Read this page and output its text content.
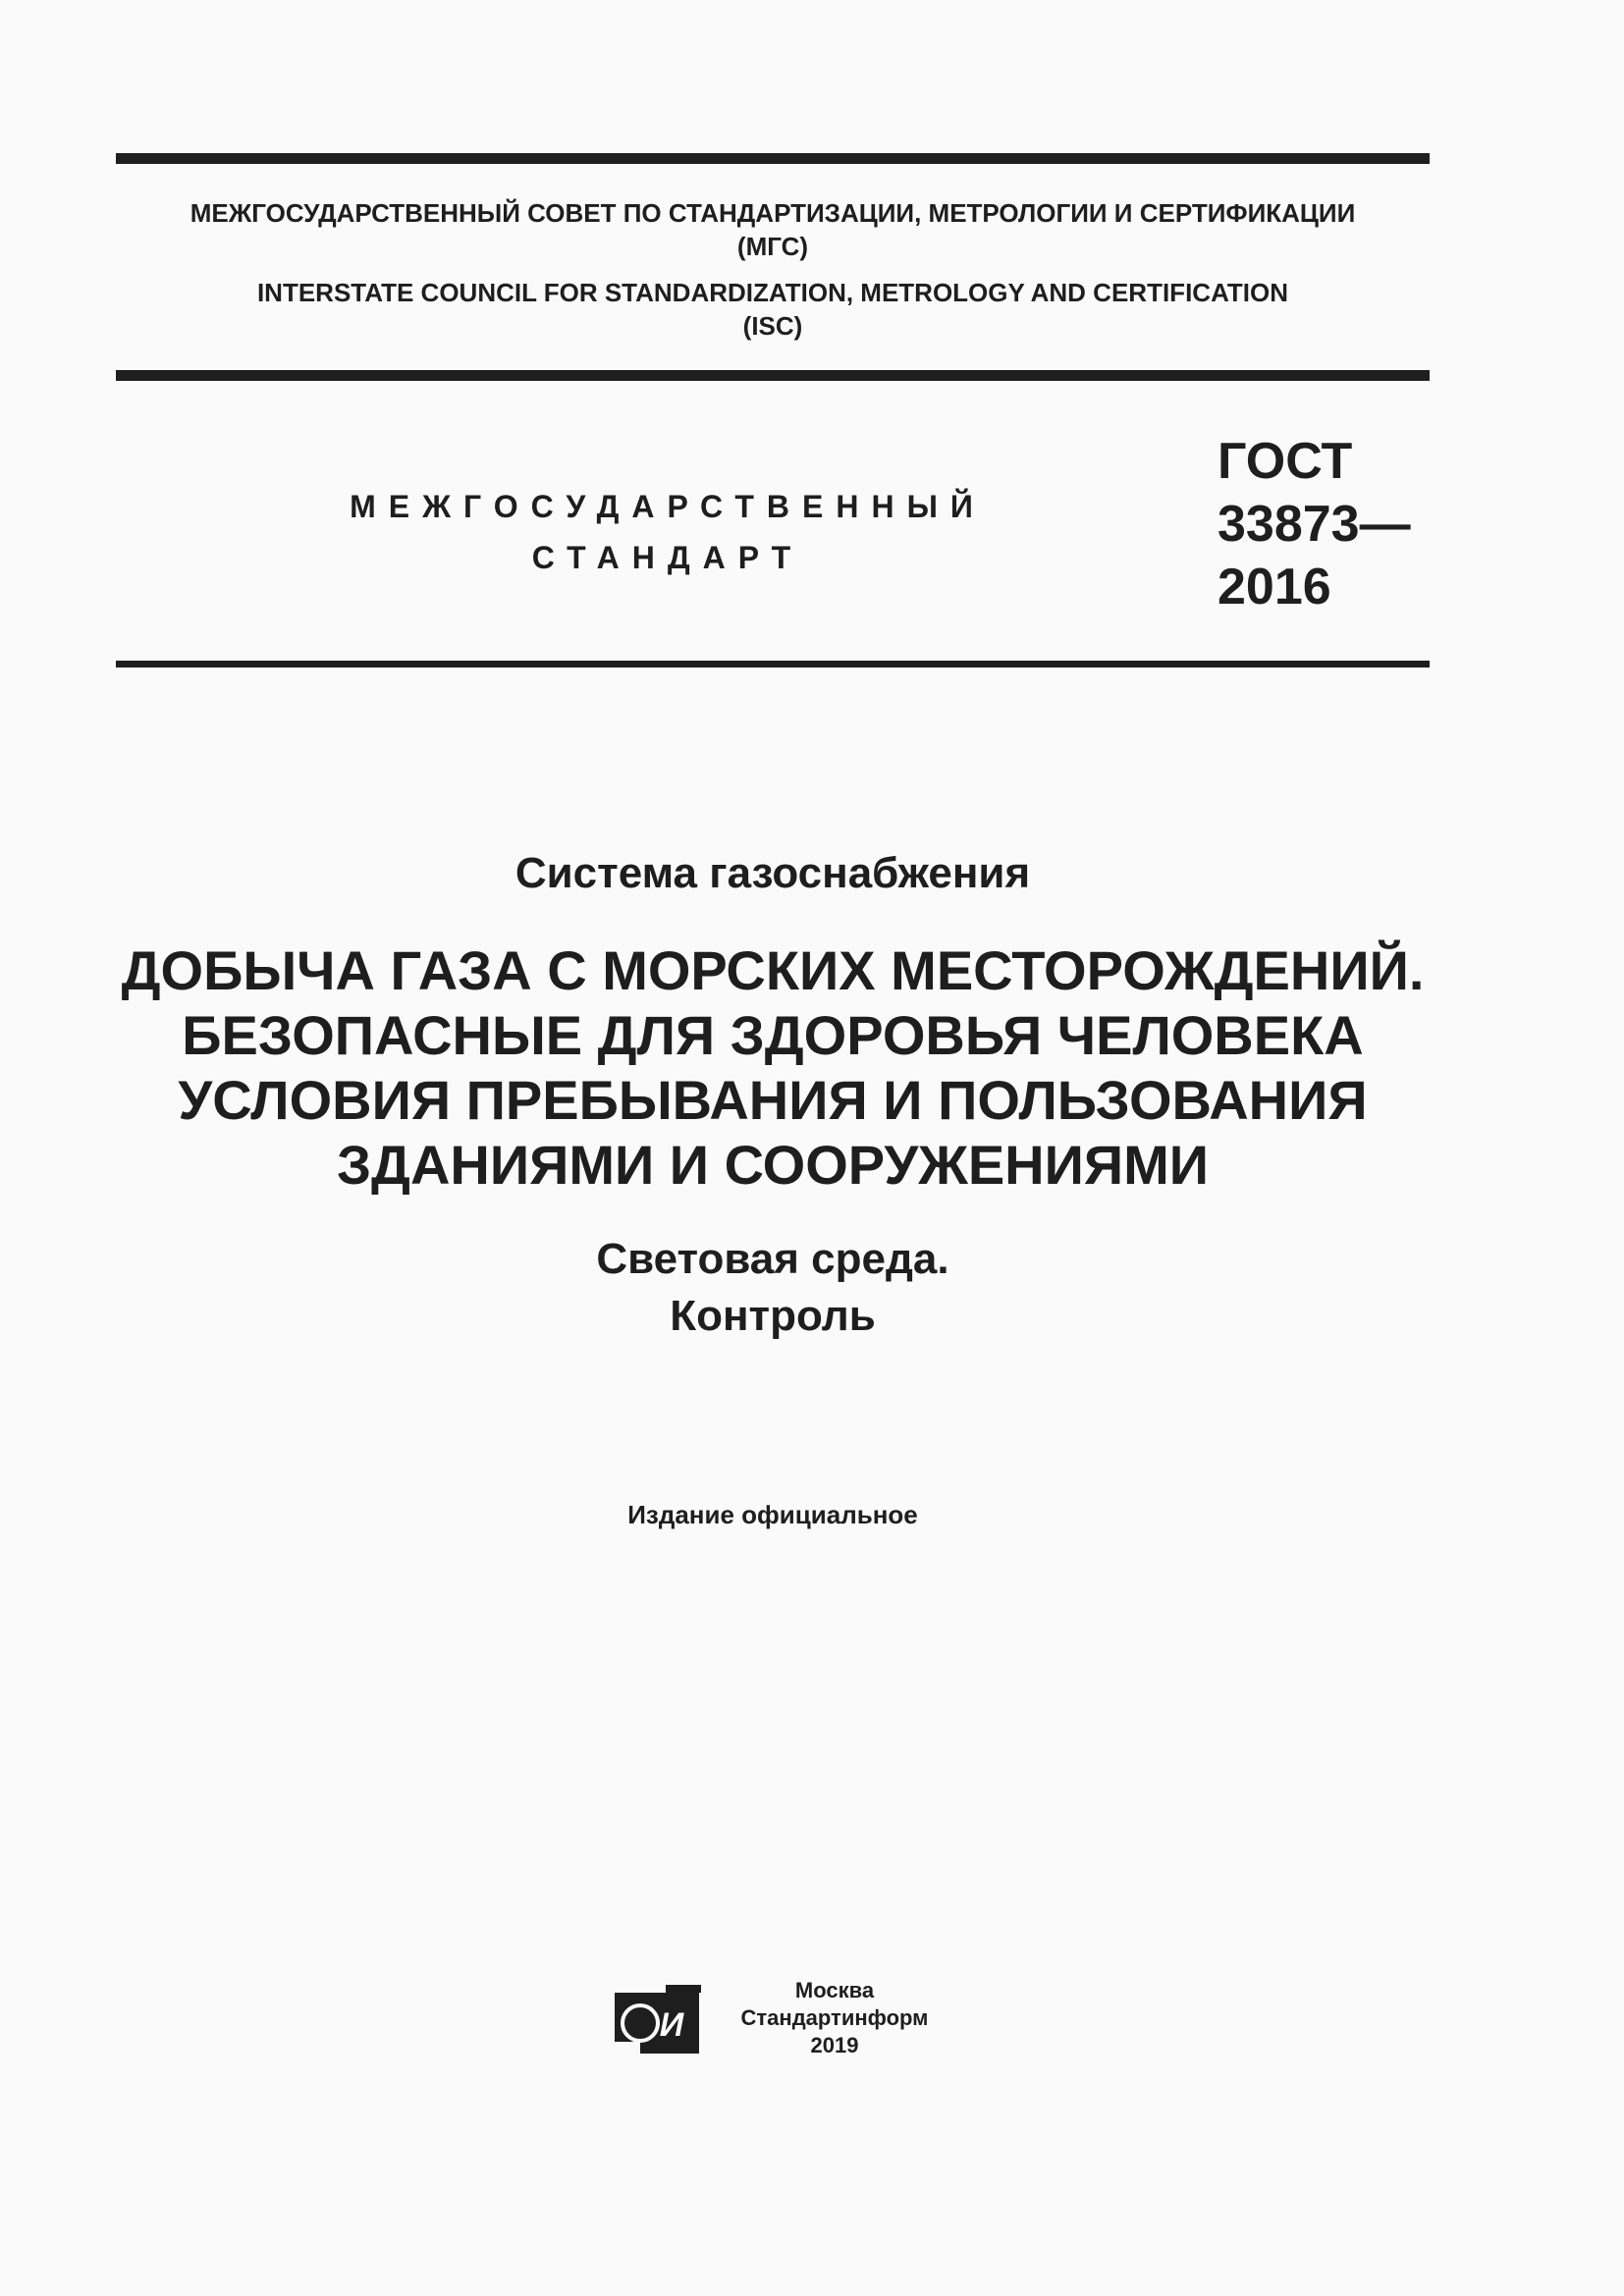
МЕЖГОСУДАРСТВЕННЫЙ СОВЕТ ПО СТАНДАРТИЗАЦИИ, МЕТРОЛОГИИ И СЕРТИФИКАЦИИ
(МГС)
INTERSTATE COUNCIL FOR STANDARDIZATION, METROLOGY AND CERTIFICATION
(ISC)
МЕЖГОСУДАРСТВЕННЫЙ
СТАНДАРТ
ГОСТ
33873—
2016
Система газоснабжения
ДОБЫЧА ГАЗА С МОРСКИХ МЕСТОРОЖДЕНИЙ.
БЕЗОПАСНЫЕ ДЛЯ ЗДОРОВЬЯ ЧЕЛОВЕКА
УСЛОВИЯ ПРЕБЫВАНИЯ И ПОЛЬЗОВАНИЯ
ЗДАНИЯМИ И СООРУЖЕНИЯМИ
Световая среда.
Контроль
Издание официальное
И
Москва
Стандартинформ
2019
